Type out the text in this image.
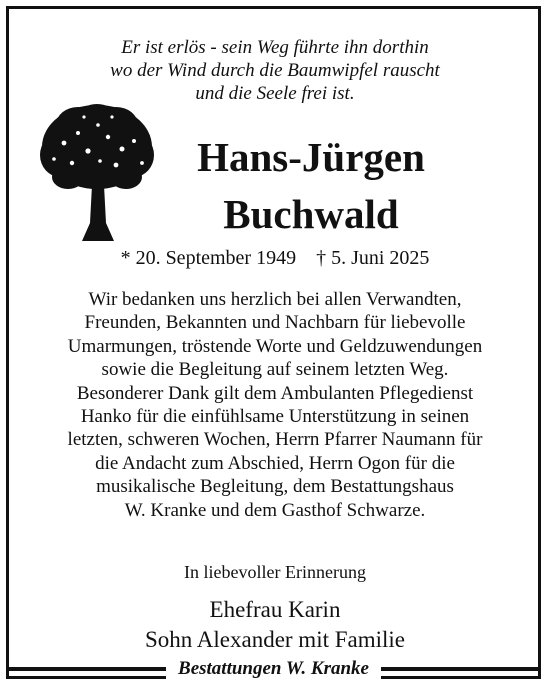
Er ist erlös - sein Weg führte ihn dorthin
wo der Wind durch die Baumwipfel rauscht
und die Seele frei ist.
Hans-Jürgen
Buchwald
* 20. September 1949 † 5. Juni 2025
Wir bedanken uns herzlich bei allen Verwandten,
Freunden, Bekannten und Nachbarn für liebevolle
Umarmungen, tröstende Worte und Geldzuwendungen
sowie die Begleitung auf seinem letzten Weg.
Besonderer Dank gilt dem Ambulanten Pflegedienst
Hanko für die einfühlsame Unterstützung in seinen
letzten, schweren Wochen, Herrn Pfarrer Naumann für
die Andacht zum Abschied, Herrn Ogon für die
musikalische Begleitung, dem Bestattungshaus
W. Kranke und dem Gasthof Schwarze.
In liebevoller Erinnerung
Ehefrau Karin
Sohn Alexander mit Familie
Bestattungen W. Kranke
